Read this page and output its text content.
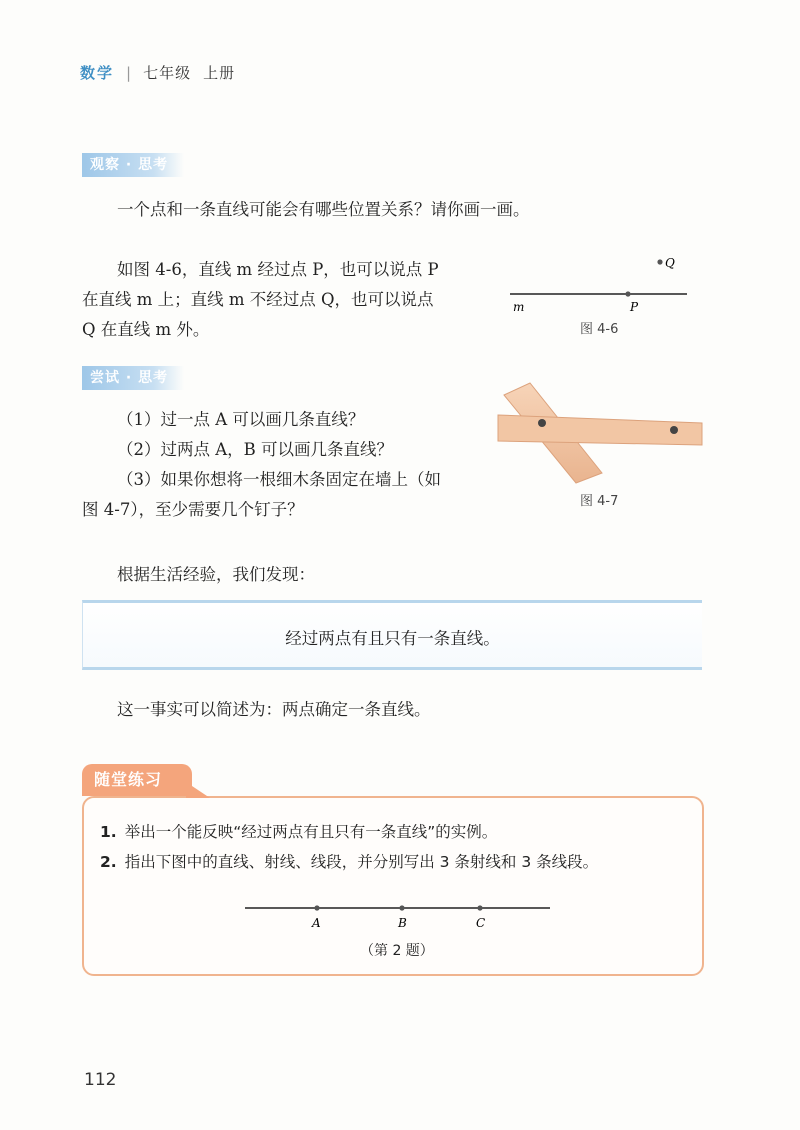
数学 | 七年级 上册
观察 · 思考
一个点和一条直线可能会有哪些位置关系？请你画一画。
如图 4-6，直线 m 经过点 P，也可以说点 P
在直线 m 上；直线 m 不经过点 Q，也可以说点
Q 在直线 m 外。
m	P
Q
图 4-6
尝试 · 思考
（1）过一点 A 可以画几条直线？
（2）过两点 A，B 可以画几条直线？
（3）如果你想将一根细木条固定在墙上（如
图 4-7），至少需要几个钉子？	图 4-7
根据生活经验，我们发现：
经过两点有且只有一条直线。
这一事实可以简述为：两点确定一条直线。
随堂练习
1. 举出一个能反映“经过两点有且只有一条直线”的实例。
2. 指出下图中的直线、射线、线段，并分别写出 3 条射线和 3 条线段。
A	B	C
（第 2 题）
112
